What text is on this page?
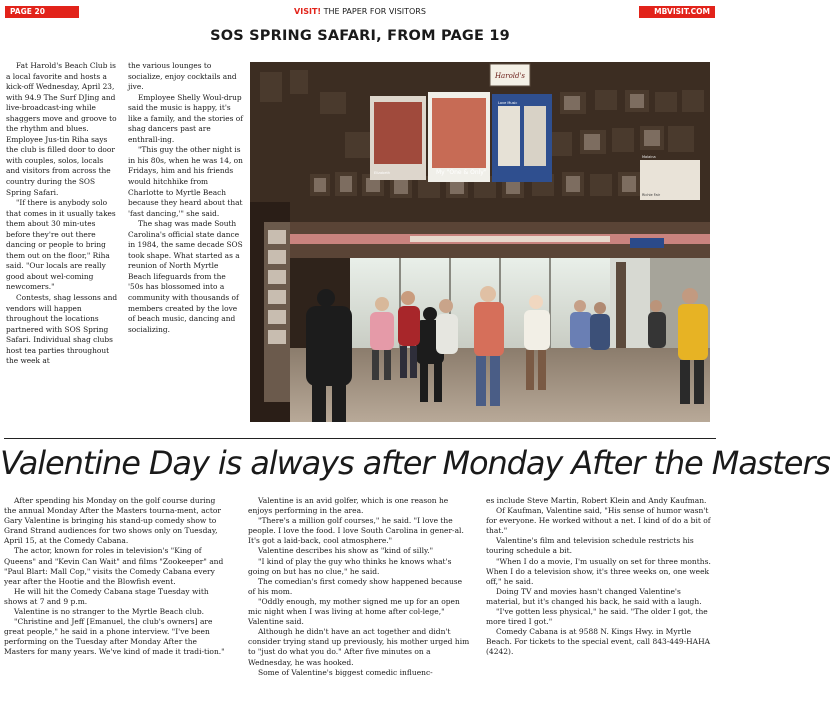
PAGE 20	VISIT! THE PAPER FOR VISITORS	MBVISIT.COM
SOS SPRING SAFARI, FROM PAGE 19

Fat Harold's Beach Club is a local favorite and hosts a kick-off Wednesday, April 23, with 94.9 The Surf DJing and live-broadcast-ing while shaggers move and groove to the rhythm and blues. Employee Jus-tin Riha says the club is filled door to door with couples, solos, locals and visitors from across the country during the SOS Spring Safari.

"If there is anybody solo that comes in it usually takes them about 30 min-utes before they're out there dancing or people to bring them out on the floor," Riha said. "Our locals are really good about wel-coming newcomers."

Contests, shag lessons and vendors will happen throughout the locations partnered with SOS Spring Safari. Individual shag clubs host tea parties throughout the week at

the various lounges to socialize, enjoy cocktails and jive.

Employee Shelly Woul-drup said the music is happy, it's like a family, and the stories of shag dancers past are enthrall-ing.

"This guy the other night is in his 80s, when he was 14, on Fridays, him and his friends would hitchhike from Charlotte to Myrtle Beach because they heard about that 'fast dancing,'" she said.

The shag was made South Carolina's official state dance in 1984, the same decade SOS took shape. What started as a reunion of North Myrtle Beach lifeguards from the '50s has blossomed into a community with thousands of members created by the love of beach music, dancing and socializing.

Harold's
My "One & Only"
Love Music
Richie Fair
Elizabeth
Malaina
Valentine Day is always after Monday After the Masters

After spending his Monday on the golf course during the annual Monday After the Masters tourna-ment, actor Gary Valentine is bringing his stand-up comedy show to Grand Strand audiences for two shows only on Tuesday, April 15, at the Comedy Cabana.

The actor, known for roles in television's "King of Queens" and "Kevin Can Wait" and films "Zookeeper" and "Paul Blart: Mall Cop," visits the Comedy Cabana every year after the Hootie and the Blowfish event.

He will hit the Comedy Cabana stage Tuesday with shows at 7 and 9 p.m.

Valentine is no stranger to the Myrtle Beach club.

"Christine and Jeff [Emanuel, the club's owners] are great people," he said in a phone interview. "I've been performing on the Tuesday after Monday After the Masters for many years. We've kind of made it tradi-tion."

Valentine is an avid golfer, which is one reason he enjoys performing in the area.

"There's a million golf courses," he said. "I love the people. I love the food. I love South Carolina in gener-al. It's got a laid-back, cool atmosphere."

Valentine describes his show as "kind of silly."

"I kind of play the guy who thinks he knows what's going on but has no clue," he said.

The comedian's first comedy show happened because of his mom.

"Oddly enough, my mother signed me up for an open mic night when I was living at home after col-lege," Valentine said.

Although he didn't have an act together and didn't consider trying stand up previously, his mother urged him to "just do what you do." After five minutes on a Wednesday, he was hooked.

Some of Valentine's biggest comedic influenc-

es include Steve Martin, Robert Klein and Andy Kaufman.

Of Kaufman, Valentine said, "His sense of humor wasn't for everyone. He worked without a net. I kind of do a bit of that."

Valentine's film and television schedule restricts his touring schedule a bit.

"When I do a movie, I'm usually on set for three months. When I do a television show, it's three weeks on, one week off," he said.

Doing TV and movies hasn't changed Valentine's material, but it's changed his back, he said with a laugh.

"I've gotten less physical," he said. "The older I got, the more tired I got."

Comedy Cabana is at 9588 N. Kings Hwy. in Myrtle Beach. For tickets to the special event, call 843-449-HAHA (4242).
